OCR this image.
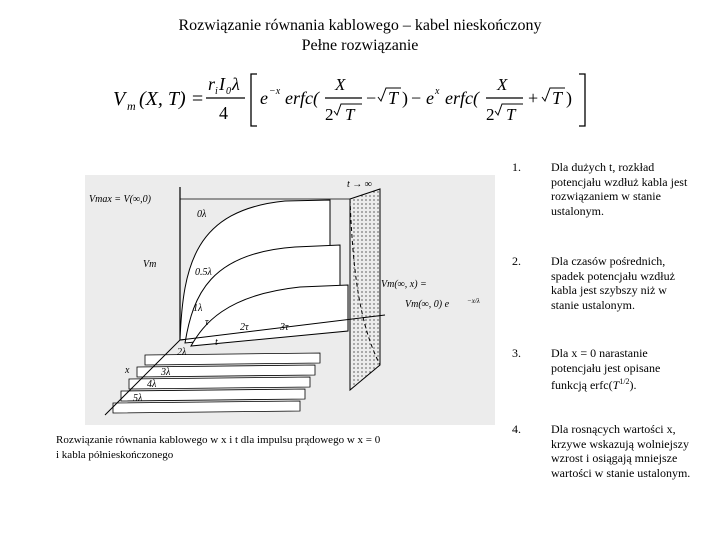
Rozwiązanie równania kablowego – kabel nieskończony
Pełne rozwiązanie
V m (X, T) =
r i I 0 λ
4
e −x erfc(
X
2 T
− T ) − e x erfc(
X
2 T
+ T )
Vmax = V(∞,0)
Vm
0λ
0.5λ
1λ
τ	2τ	3τ
t
x
2λ
3λ
4λ
5λ
t → ∞
Vm(∞, x) =
Vm(∞, 0) e	−x/λ
Rozwiązanie równania kablowego w x i t dla impulsu prądowego w x = 0 i kabla półnieskończonego
1.	Dla dużych t, rozkład potencjału wzdłuż kabla jest rozwiązaniem w stanie ustalonym.
2.	Dla czasów pośrednich, spadek potencjału wzdłuż kabla jest szybszy niż w stanie ustalonym.
3.	Dla x = 0 narastanie potencjału jest opisane funkcją $erfc(T^{1/2})$.
4.	Dla rosnących wartości x, krzywe wskazują wolniejszy wzrost i osiągają mniejsze wartości w stanie ustalonym.
